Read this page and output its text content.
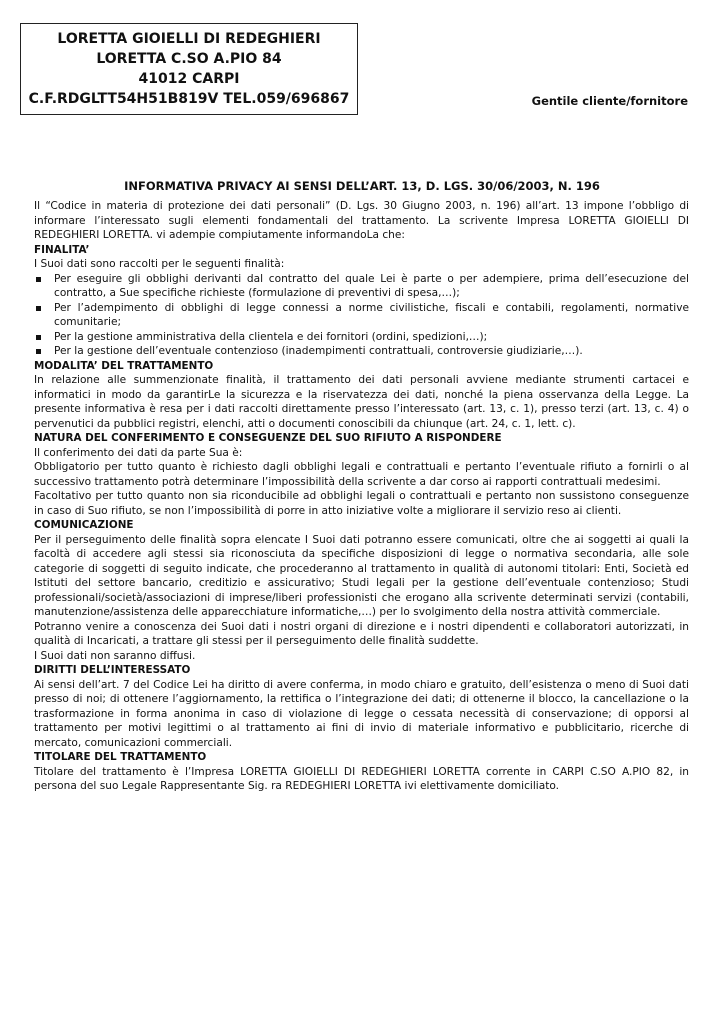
LORETTA GIOIELLI DI REDEGHIERI
LORETTA C.SO A.PIO 84
41012 CARPI
C.F.RDGLTT54H51B819V TEL.059/696867	Gentile cliente/fornitore
INFORMATIVA PRIVACY AI SENSI DELL’ART. 13, D. LGS. 30/06/2003, N. 196

Il “Codice in materia di protezione dei dati personali” (D. Lgs. 30 Giugno 2003, n. 196) all’art. 13 impone l’obbligo di informare l’interessato sugli elementi fondamentali del trattamento. La scrivente Impresa LORETTA GIOIELLI DI REDEGHIERI LORETTA. vi adempie compiutamente informandoLa che:

FINALITA’

I Suoi dati sono raccolti per le seguenti finalità:

Per eseguire gli obblighi derivanti dal contratto del quale Lei è parte o per adempiere, prima dell’esecuzione del contratto, a Sue specifiche richieste (formulazione di preventivi di spesa,…);
Per l’adempimento di obblighi di legge connessi a norme civilistiche, fiscali e contabili, regolamenti, normative comunitarie;
Per la gestione amministrativa della clientela e dei fornitori (ordini, spedizioni,…);
Per la gestione dell’eventuale contenzioso (inadempimenti contrattuali, controversie giudiziarie,…).
MODALITA’ DEL TRATTAMENTO

In relazione alle summenzionate finalità, il trattamento dei dati personali avviene mediante strumenti cartacei e informatici in modo da garantirLe la sicurezza e la riservatezza dei dati, nonché la piena osservanza della Legge. La presente informativa è resa per i dati raccolti direttamente presso l’interessato (art. 13, c. 1), presso terzi (art. 13, c. 4) o pervenutici da pubblici registri, elenchi, atti o documenti conoscibili da chiunque (art. 24, c. 1, lett. c).

NATURA DEL CONFERIMENTO E CONSEGUENZE DEL SUO RIFIUTO A RISPONDERE

Il conferimento dei dati da parte Sua è:

Obbligatorio per tutto quanto è richiesto dagli obblighi legali e contrattuali e pertanto l’eventuale rifiuto a fornirli o al successivo trattamento potrà determinare l’impossibilità della scrivente a dar corso ai rapporti contrattuali medesimi.

Facoltativo per tutto quanto non sia riconducibile ad obblighi legali o contrattuali e pertanto non sussistono conseguenze in caso di Suo rifiuto, se non l’impossibilità di porre in atto iniziative volte a migliorare il servizio reso ai clienti.

COMUNICAZIONE

Per il perseguimento delle finalità sopra elencate I Suoi dati potranno essere comunicati, oltre che ai soggetti ai quali la facoltà di accedere agli stessi sia riconosciuta da specifiche disposizioni di legge o normativa secondaria, alle sole categorie di soggetti di seguito indicate, che procederanno al trattamento in qualità di autonomi titolari: Enti, Società ed Istituti del settore bancario, creditizio e assicurativo; Studi legali per la gestione dell’eventuale contenzioso; Studi professionali/società/associazioni di imprese/liberi professionisti che erogano alla scrivente determinati servizi (contabili, manutenzione/assistenza delle apparecchiature informatiche,…) per lo svolgimento della nostra attività commerciale.

Potranno venire a conoscenza dei Suoi dati i nostri organi di direzione e i nostri dipendenti e collaboratori autorizzati, in qualità di Incaricati, a trattare gli stessi per il perseguimento delle finalità suddette.

I Suoi dati non saranno diffusi.

DIRITTI DELL’INTERESSATO

Ai sensi dell’art. 7 del Codice Lei ha diritto di avere conferma, in modo chiaro e gratuito, dell’esistenza o meno di Suoi dati presso di noi; di ottenere l’aggiornamento, la rettifica o l’integrazione dei dati; di ottenerne il blocco, la cancellazione o la trasformazione in forma anonima in caso di violazione di legge o cessata necessità di conservazione; di opporsi al trattamento per motivi legittimi o al trattamento ai fini di invio di materiale informativo e pubblicitario, ricerche di mercato, comunicazioni commerciali.

TITOLARE DEL TRATTAMENTO

Titolare del trattamento è l’Impresa LORETTA GIOIELLI DI REDEGHIERI LORETTA corrente in CARPI C.SO A.PIO 82, in persona del suo Legale Rappresentante Sig. ra REDEGHIERI LORETTA ivi elettivamente domiciliato.
